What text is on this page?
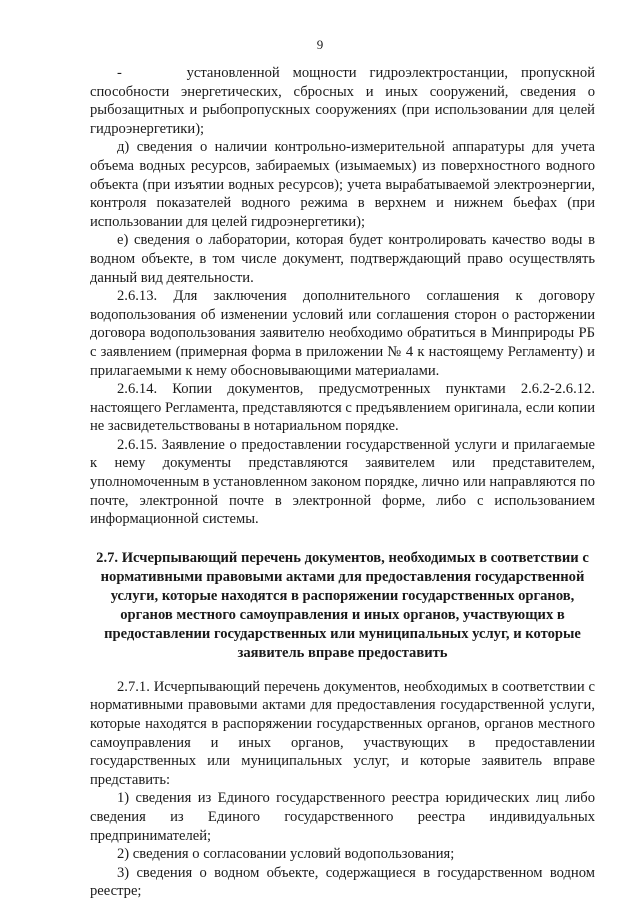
9

-     установленной мощности гидроэлектростанции, пропускной способности энергетических, сбросных и иных сооружений, сведения о рыбозащитных и рыбопропускных сооружениях (при использовании для целей гидроэнергетики);

д) сведения о наличии контрольно-измерительной аппаратуры для учета объема водных ресурсов, забираемых (изымаемых) из поверхностного водного объекта (при изъятии водных ресурсов); учета вырабатываемой электроэнергии, контроля показателей водного режима в верхнем и нижнем бьефах (при использовании для целей гидроэнергетики);

е) сведения о лаборатории, которая будет контролировать качество воды в водном объекте, в том числе документ, подтверждающий право осуществлять данный вид деятельности.

2.6.13. Для заключения дополнительного соглашения к договору водопользования об изменении условий или соглашения сторон о расторжении договора водопользования заявителю необходимо обратиться в Минприроды РБ с заявлением (примерная форма в приложении № 4 к настоящему Регламенту) и прилагаемыми к нему обосновывающими материалами.

2.6.14. Копии документов, предусмотренных пунктами 2.6.2-2.6.12. настоящего Регламента, представляются с предъявлением оригинала, если копии не засвидетельствованы в нотариальном порядке.

2.6.15. Заявление о предоставлении государственной услуги и прилагаемые к нему документы представляются заявителем или представителем, уполномоченным в установленном законом порядке, лично или направляются по почте, электронной почте в электронной форме, либо с использованием информационной системы.

2.7. Исчерпывающий перечень документов, необходимых в соответствии с нормативными правовыми актами для предоставления государственной услуги, которые находятся в распоряжении государственных органов, органов местного самоуправления и иных органов, участвующих в предоставлении государственных или муниципальных услуг, и которые заявитель вправе предоставить

2.7.1. Исчерпывающий перечень документов, необходимых в соответствии с нормативными правовыми актами для предоставления государственной услуги, которые находятся в распоряжении государственных органов, органов местного самоуправления и иных органов, участвующих в предоставлении государственных или муниципальных услуг, и которые заявитель вправе представить:

1) сведения из Единого государственного реестра юридических лиц либо сведения из Единого государственного реестра индивидуальных предпринимателей;

2) сведения о согласовании условий водопользования;

3) сведения о водном объекте, содержащиеся в государственном водном реестре;
